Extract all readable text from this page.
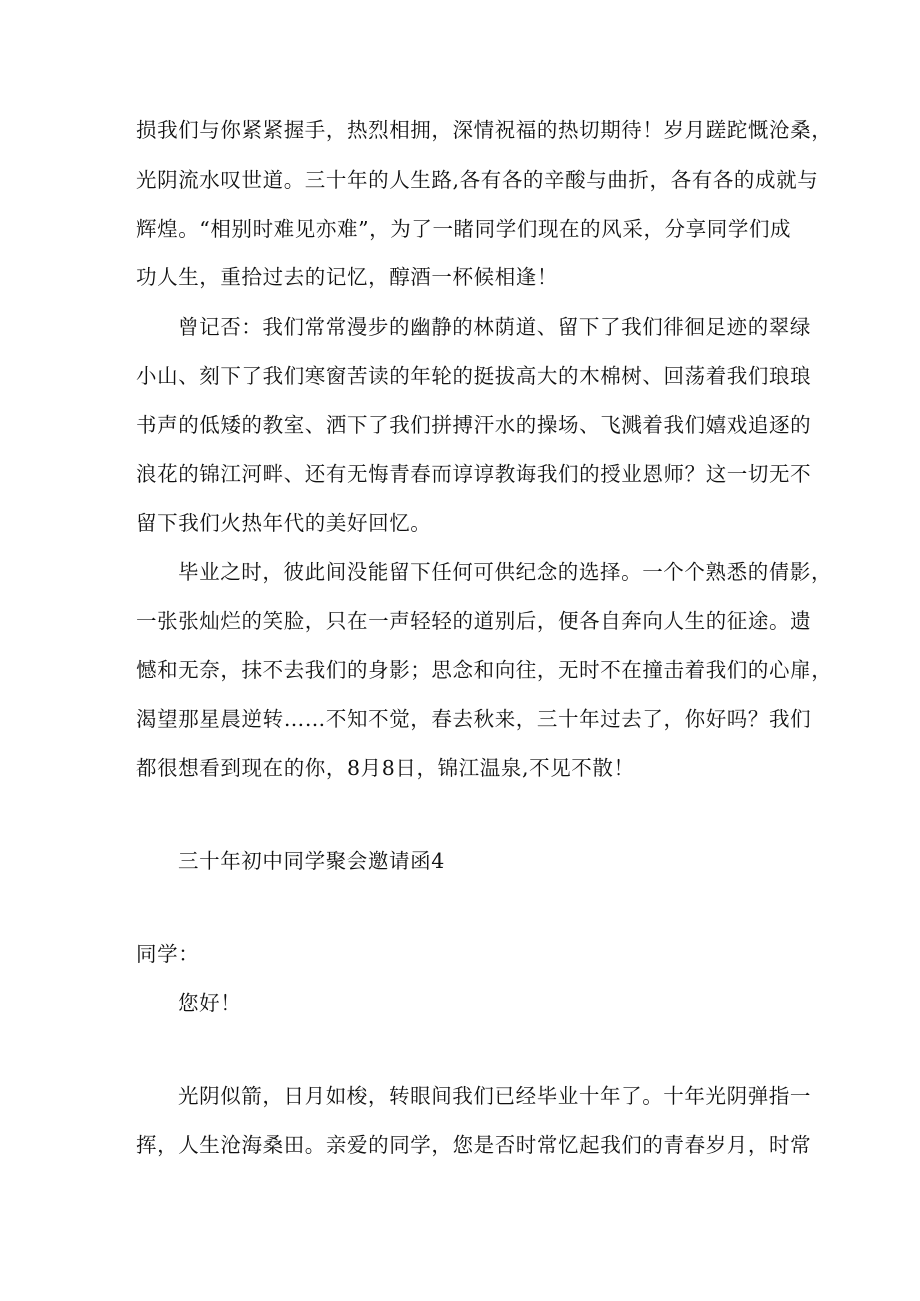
损我们与你紧紧握手，热烈相拥，深情祝福的热切期待！岁月蹉跎慨沧桑，
光阴流水叹世道。三十年的人生路,各有各的辛酸与曲折，各有各的成就与
辉煌。“相别时难见亦难”，为了一睹同学们现在的风采，分享同学们成
功人生，重拾过去的记忆，醇酒一杯候相逢！
曾记否：我们常常漫步的幽静的林荫道、留下了我们徘徊足迹的翠绿
小山、刻下了我们寒窗苦读的年轮的挺拔高大的木棉树、回荡着我们琅琅
书声的低矮的教室、洒下了我们拼搏汗水的操场、飞溅着我们嬉戏追逐的
浪花的锦江河畔、还有无悔青春而谆谆教诲我们的授业恩师？这一切无不
留下我们火热年代的美好回忆。
毕业之时，彼此间没能留下任何可供纪念的选择。一个个熟悉的倩影，
一张张灿烂的笑脸，只在一声轻轻的道别后，便各自奔向人生的征途。遗
憾和无奈，抹不去我们的身影；思念和向往，无时不在撞击着我们的心扉，
渴望那星晨逆转……不知不觉，春去秋来，三十年过去了，你好吗？我们
都很想看到现在的你，8月8日，锦江温泉,不见不散！
三十年初中同学聚会邀请函4
同学：
您好！
光阴似箭，日月如梭，转眼间我们已经毕业十年了。十年光阴弹指一
挥，人生沧海桑田。亲爱的同学，您是否时常忆起我们的青春岁月，时常
